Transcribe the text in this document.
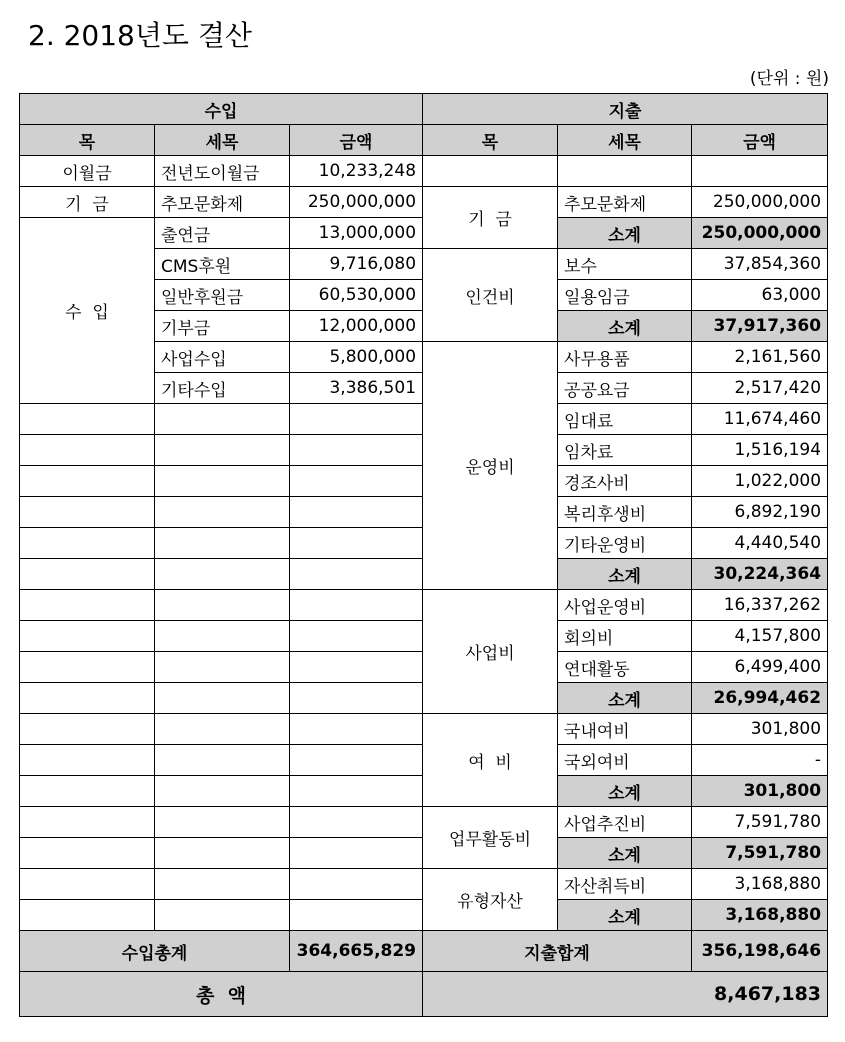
2. 2018년도 결산
(단위 : 원)
수입			지출		
목	세목	금액	목	세목	금액
이월금	전년도이월금	10,233,248			
기  금	추모문화제	250,000,000	기  금	추모문화제	250,000,000
수  입	출연금	13,000,000		소계	250,000,000
	CMS후원	9,716,080	인건비	보수	37,854,360
	일반후원금	60,530,000		일용임금	63,000
	기부금	12,000,000		소계	37,917,360
	사업수입	5,800,000	운영비	사무용품	2,161,560
	기타수입	3,386,501		공공요금	2,517,420
				임대료	11,674,460
				임차료	1,516,194
				경조사비	1,022,000
				복리후생비	6,892,190
				기타운영비	4,440,540
				소계	30,224,364
			사업비	사업운영비	16,337,262
				회의비	4,157,800
				연대활동	6,499,400
				소계	26,994,462
			여  비	국내여비	301,800
				국외여비	-
				소계	301,800
			업무활동비	사업추진비	7,591,780
				소계	7,591,780
			유형자산	자산취득비	3,168,880
				소계	3,168,880
수입총계		364,665,829	지출합계		356,198,646
총  액			8,467,183		
